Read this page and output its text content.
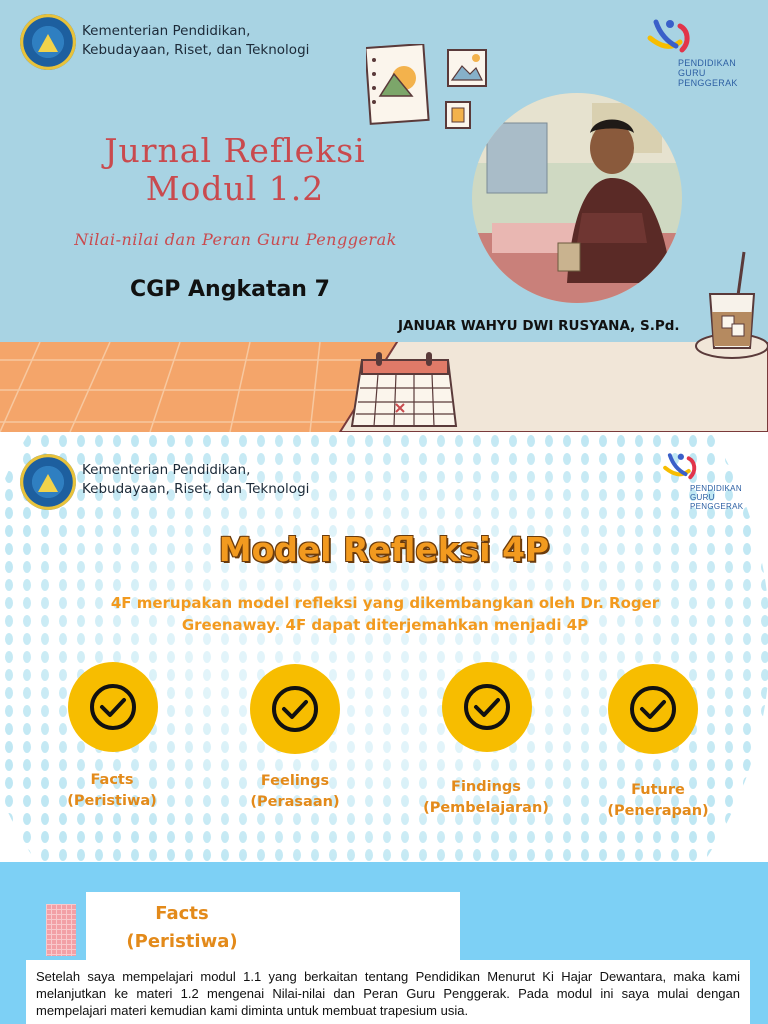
Kementerian Pendidikan,
Kebudayaan, Riset, dan Teknologi
PENDIDIKAN
GURU
PENGGERAK
Jurnal Refleksi
Modul 1.2
Nilai-nilai dan Peran Guru Penggerak
CGP Angkatan 7
JANUAR WAHYU DWI RUSYANA, S.Pd.
Kementerian Pendidikan,
Kebudayaan, Riset, dan Teknologi	PENDIDIKAN
GURU
PENGGERAK
Model Refleksi 4P
4F merupakan model refleksi yang dikembangkan oleh Dr. Roger
Greenaway. 4F dapat diterjemahkan menjadi 4P
Facts
(Peristiwa)
Feelings
(Perasaan)
Findings
(Pembelajaran)
Future
(Penerapan)
Facts
(Peristiwa)
Setelah saya mempelajari modul 1.1 yang berkaitan tentang Pendidikan Menurut Ki Hajar Dewantara, maka kami melanjutkan ke materi 1.2 mengenai Nilai-nilai dan Peran Guru Penggerak. Pada modul ini saya mulai dengan mempelajari materi kemudian kami diminta untuk membuat trapesium usia.
